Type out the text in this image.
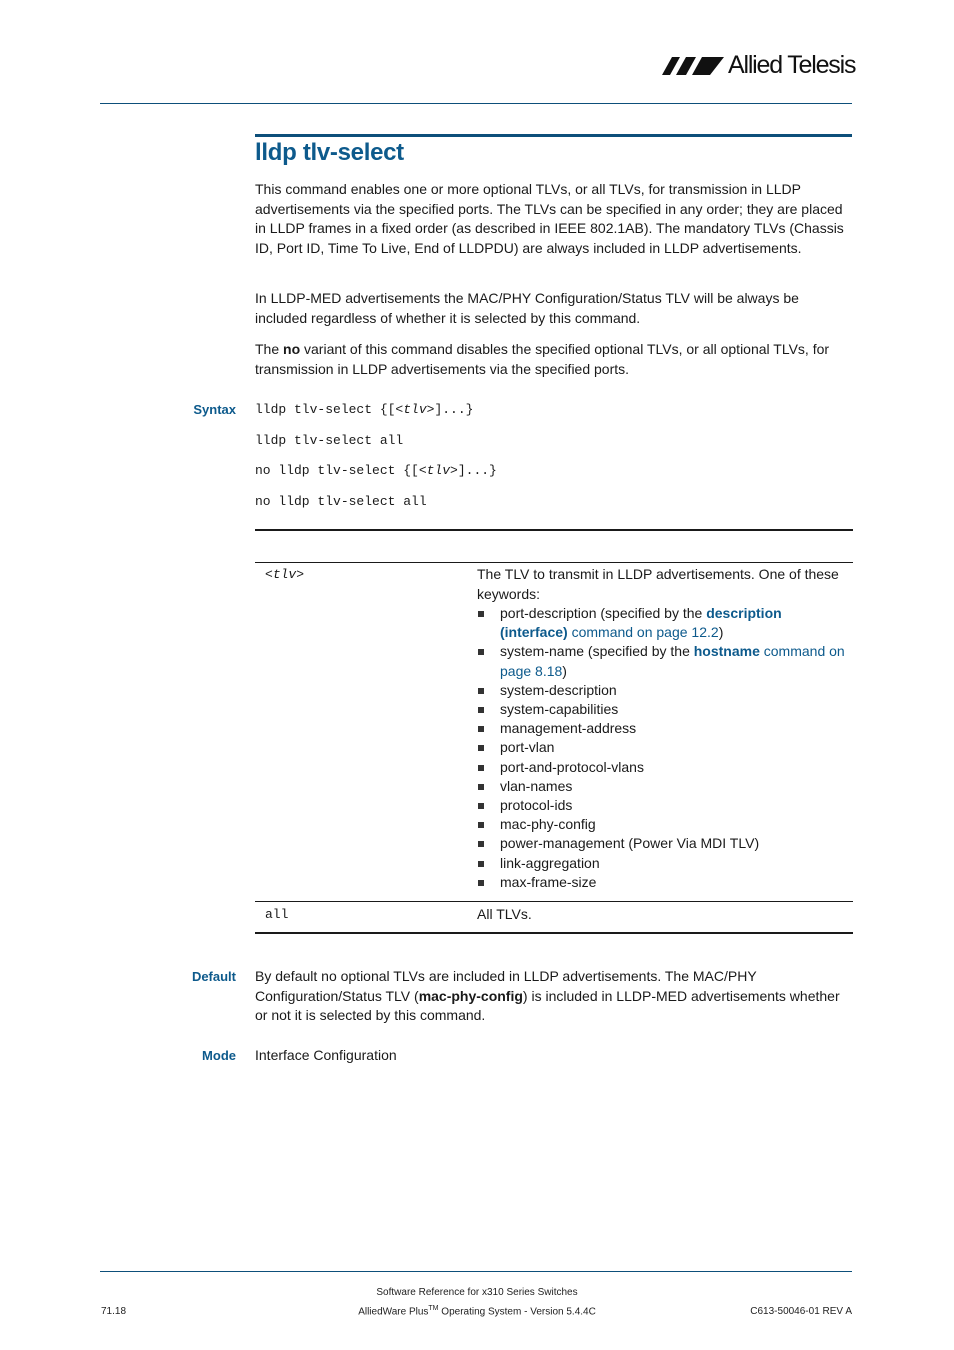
Allied Telesis
lldp tlv-select
This command enables one or more optional TLVs, or all TLVs, for transmission in LLDP advertisements via the specified ports. The TLVs can be specified in any order; they are placed in LLDP frames in a fixed order (as described in IEEE 802.1AB). The mandatory TLVs (Chassis ID, Port ID, Time To Live, End of LLDPDU) are always included in LLDP advertisements.
In LLDP-MED advertisements the MAC/PHY Configuration/Status TLV will be always be included regardless of whether it is selected by this command.
The no variant of this command disables the specified optional TLVs, or all optional TLVs, for transmission in LLDP advertisements via the specified ports.
Syntax lldp tlv-select {[<tlv>]...}
lldp tlv-select all
no lldp tlv-select {[<tlv>]...}
no lldp tlv-select all
<tlv>	The TLV to transmit in LLDP advertisements. One of these keywords:
port-description (specified by the description (interface) command on page 12.2)
system-name (specified by the hostname command on page 8.18)
system-description
system-capabilities
management-address
port-vlan
port-and-protocol-vlans
vlan-names
protocol-ids
mac-phy-config
power-management (Power Via MDI TLV)
link-aggregation
max-frame-size
all	All TLVs.
Default By default no optional TLVs are included in LLDP advertisements. The MAC/PHY Configuration/Status TLV (mac-phy-config) is included in LLDP-MED advertisements whether or not it is selected by this command.
Mode Interface Configuration
Software Reference for x310 Series Switches
AlliedWare Plus™ Operating System - Version 5.4.4C
71.18	C613-50046-01 REV A
